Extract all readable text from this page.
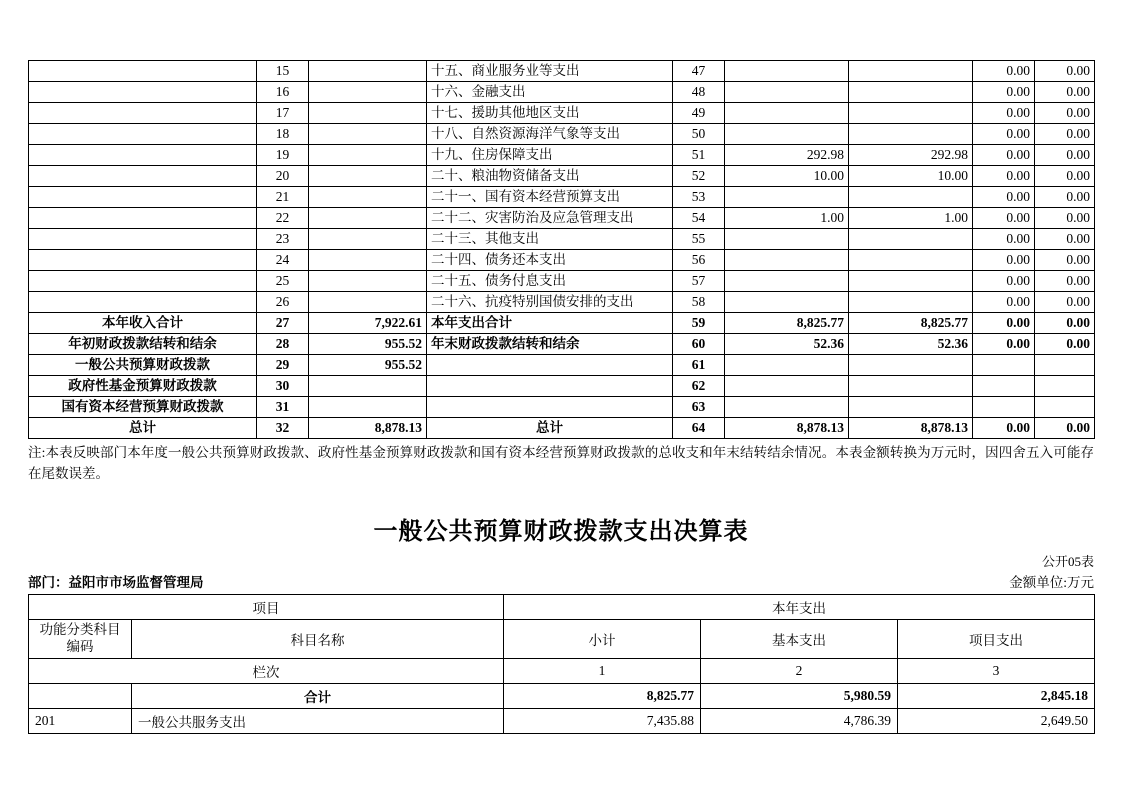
	15		十五、商业服务业等支出	47			0.00	0.00
	16		十六、金融支出	48			0.00	0.00
	17		十七、援助其他地区支出	49			0.00	0.00
	18		十八、自然资源海洋气象等支出	50			0.00	0.00
	19		十九、住房保障支出	51	292.98	292.98	0.00	0.00
	20		二十、粮油物资储备支出	52	10.00	10.00	0.00	0.00
	21		二十一、国有资本经营预算支出	53			0.00	0.00
	22		二十二、灾害防治及应急管理支出	54	1.00	1.00	0.00	0.00
	23		二十三、其他支出	55			0.00	0.00
	24		二十四、债务还本支出	56			0.00	0.00
	25		二十五、债务付息支出	57			0.00	0.00
	26		二十六、抗疫特别国债安排的支出	58			0.00	0.00
本年收入合计	27	7,922.61	本年支出合计	59	8,825.77	8,825.77	0.00	0.00
年初财政拨款结转和结余	28	955.52	年末财政拨款结转和结余	60	52.36	52.36	0.00	0.00
一般公共预算财政拨款	29	955.52		61				
政府性基金预算财政拨款	30			62				
国有资本经营预算财政拨款	31			63				
总计	32	8,878.13	总计	64	8,878.13	8,878.13	0.00	0.00
注:本表反映部门本年度一般公共预算财政拨款、政府性基金预算财政拨款和国有资本经营预算财政拨款的总收支和年末结转结余情况。本表金额转换为万元时，因四舍五入可能存在尾数误差。
一般公共预算财政拨款支出决算表
公开05表
部门：益阳市市场监督管理局	金额单位:万元
项目		本年支出		
功能分类科目
编码	科目名称	小计	基本支出	项目支出
栏次		1	2	3
	合计	8,825.77	5,980.59	2,845.18
201	一般公共服务支出	7,435.88	4,786.39	2,649.50
